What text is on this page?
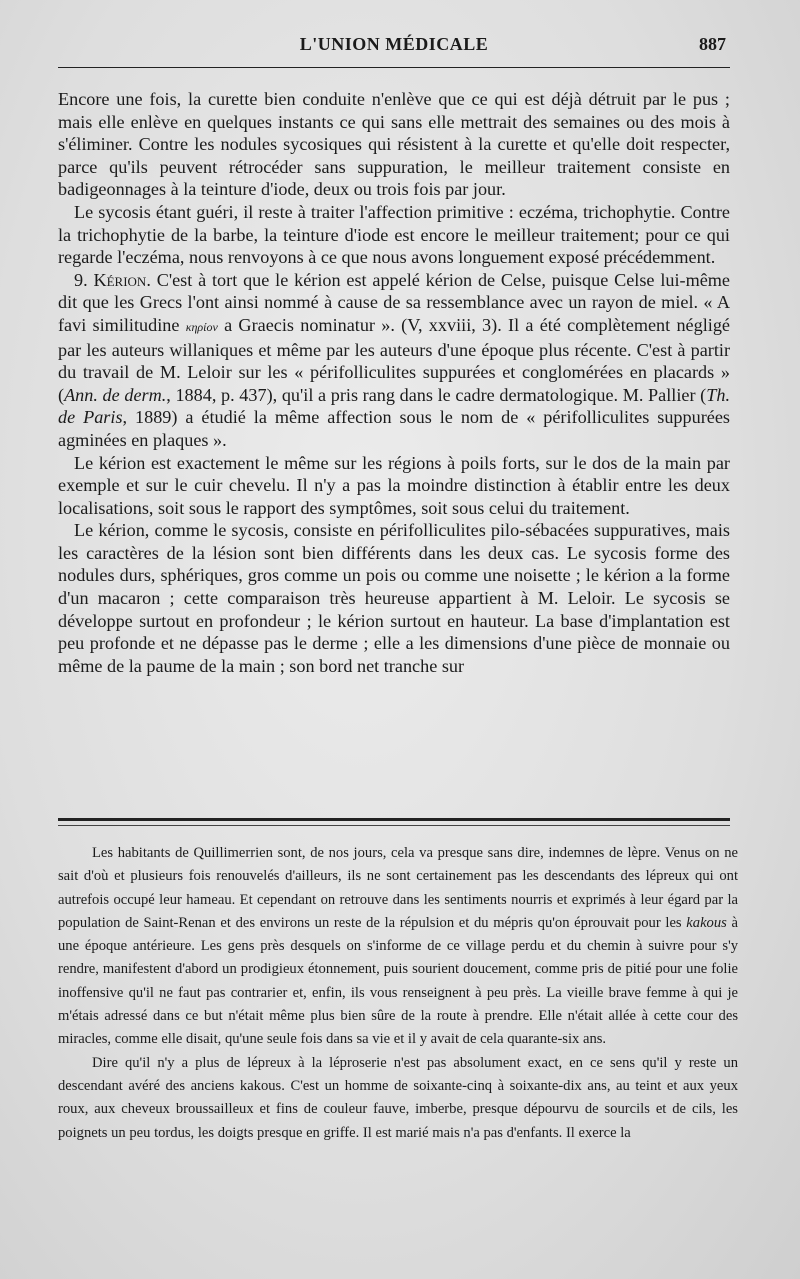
L'UNION MÉDICALE	887

Encore une fois, la curette bien conduite n'enlève que ce qui est déjà détruit par le pus ; mais elle enlève en quelques instants ce qui sans elle mettrait des semaines ou des mois à s'éliminer. Contre les nodules sycosiques qui résistent à la curette et qu'elle doit respecter, parce qu'ils peuvent rétrocéder sans suppuration, le meilleur traitement consiste en badigeonnages à la teinture d'iode, deux ou trois fois par jour.

Le sycosis étant guéri, il reste à traiter l'affection primitive : eczéma, trichophytie. Contre la trichophytie de la barbe, la teinture d'iode est encore le meilleur traitement; pour ce qui regarde l'eczéma, nous renvoyons à ce que nous avons longuement exposé précédemment.

9. Kérion. C'est à tort que le kérion est appelé kérion de Celse, puisque Celse lui-même dit que les Grecs l'ont ainsi nommé à cause de sa ressemblance avec un rayon de miel. « A favi similitudine κηρίον a Graecis nominatur ». (V, xxviii, 3). Il a été complètement négligé par les auteurs willaniques et même par les auteurs d'une époque plus récente. C'est à partir du travail de M. Leloir sur les « périfolliculites suppurées et conglomérées en placards » (Ann. de derm., 1884, p. 437), qu'il a pris rang dans le cadre dermatologique. M. Pallier (Th. de Paris, 1889) a étudié la même affection sous le nom de « périfolliculites suppurées agminées en plaques ».

Le kérion est exactement le même sur les régions à poils forts, sur le dos de la main par exemple et sur le cuir chevelu. Il n'y a pas la moindre distinction à établir entre les deux localisations, soit sous le rapport des symptômes, soit sous celui du traitement.

Le kérion, comme le sycosis, consiste en périfolliculites pilo-sébacées suppuratives, mais les caractères de la lésion sont bien différents dans les deux cas. Le sycosis forme des nodules durs, sphériques, gros comme un pois ou comme une noisette ; le kérion a la forme d'un macaron ; cette comparaison très heureuse appartient à M. Leloir. Le sycosis se développe surtout en profondeur ; le kérion surtout en hauteur. La base d'implantation est peu profonde et ne dépasse pas le derme ; elle a les dimensions d'une pièce de monnaie ou même de la paume de la main ; son bord net tranche sur

Les habitants de Quillimerrien sont, de nos jours, cela va presque sans dire, indemnes de lèpre. Venus on ne sait d'où et plusieurs fois renouvelés d'ailleurs, ils ne sont certainement pas les descendants des lépreux qui ont autrefois occupé leur hameau. Et cependant on retrouve dans les sentiments nourris et exprimés à leur égard par la population de Saint-Renan et des environs un reste de la répulsion et du mépris qu'on éprouvait pour les kakous à une époque antérieure. Les gens près desquels on s'informe de ce village perdu et du chemin à suivre pour s'y rendre, manifestent d'abord un prodigieux étonnement, puis sourient doucement, comme pris de pitié pour une folie inoffensive qu'il ne faut pas contrarier et, enfin, ils vous renseignent à peu près. La vieille brave femme à qui je m'étais adressé dans ce but n'était même plus bien sûre de la route à prendre. Elle n'était allée à cette cour des miracles, comme elle disait, qu'une seule fois dans sa vie et il y avait de cela quarante-six ans.

Dire qu'il n'y a plus de lépreux à la léproserie n'est pas absolument exact, en ce sens qu'il y reste un descendant avéré des anciens kakous. C'est un homme de soixante-cinq à soixante-dix ans, au teint et aux yeux roux, aux cheveux broussailleux et fins de couleur fauve, imberbe, presque dépourvu de sourcils et de cils, les poignets un peu tordus, les doigts presque en griffe. Il est marié mais n'a pas d'enfants. Il exerce la
